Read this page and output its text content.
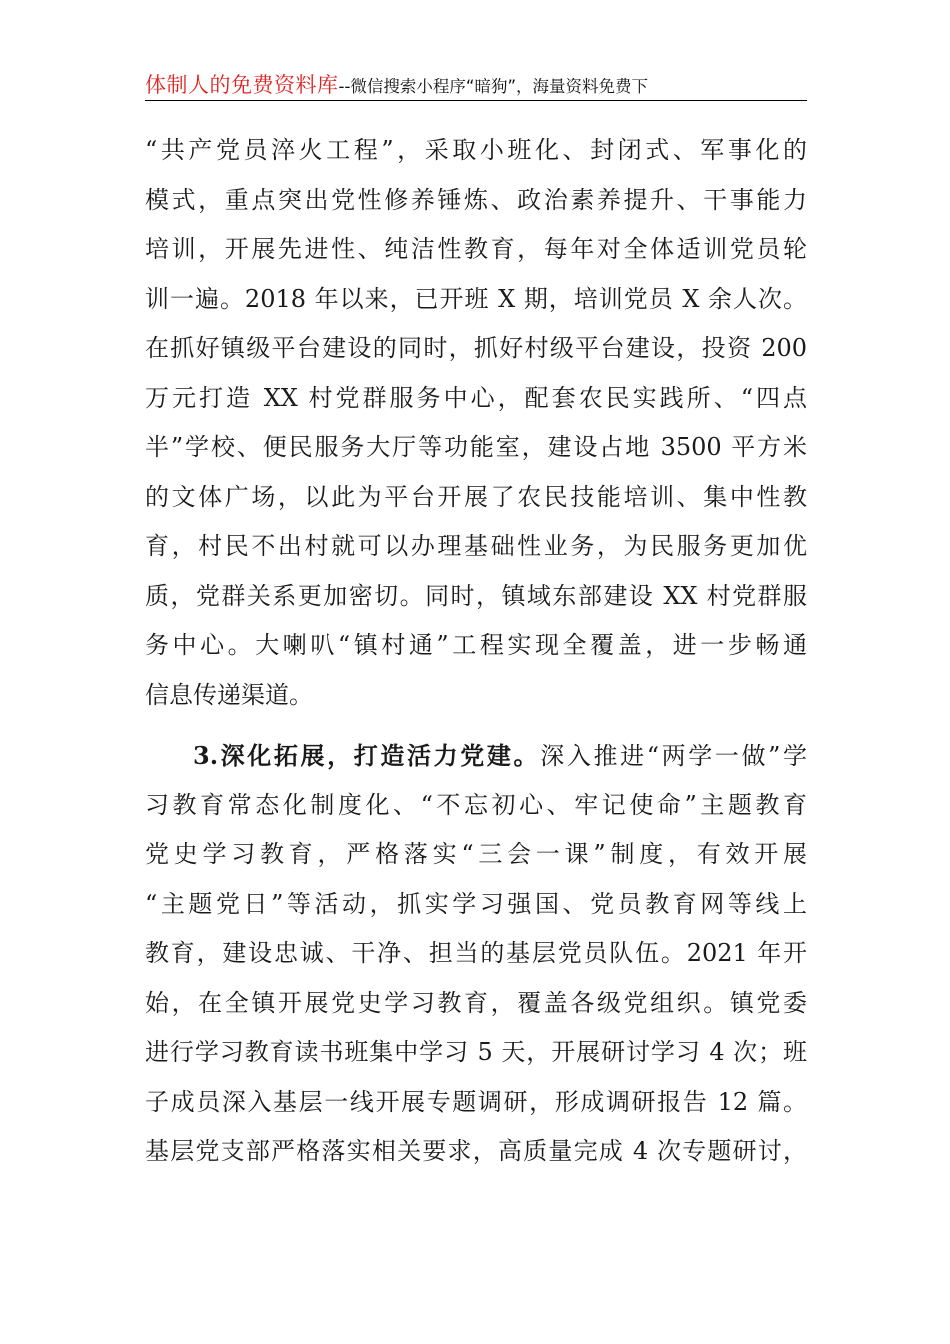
体制人的免费资料库--微信搜索小程序“暗狗”，海量资料免费下
“共产党员淬火工程”，采取小班化、封闭式、军事化的
模式，重点突出党性修养锤炼、政治素养提升、干事能力
培训，开展先进性、纯洁性教育，每年对全体适训党员轮
训一遍。2018 年以来，已开班 X 期，培训党员 X 余人次。
在抓好镇级平台建设的同时，抓好村级平台建设，投资 200
万元打造 XX 村党群服务中心，配套农民实践所、“四点
半”学校、便民服务大厅等功能室，建设占地 3500 平方米
的文体广场，以此为平台开展了农民技能培训、集中性教
育，村民不出村就可以办理基础性业务，为民服务更加优
质，党群关系更加密切。同时，镇域东部建设 XX 村党群服
务中心。大喇叭“镇村通”工程实现全覆盖，进一步畅通
信息传递渠道。
3.深化拓展，打造活力党建。深入推进“两学一做”学
习教育常态化制度化、“不忘初心、牢记使命”主题教育
党史学习教育，严格落实“三会一课”制度，有效开展
“主题党日”等活动，抓实学习强国、党员教育网等线上
教育，建设忠诚、干净、担当的基层党员队伍。2021 年开
始，在全镇开展党史学习教育，覆盖各级党组织。镇党委
进行学习教育读书班集中学习 5 天，开展研讨学习 4 次；班
子成员深入基层一线开展专题调研，形成调研报告 12 篇。
基层党支部严格落实相关要求，高质量完成 4 次专题研讨，
